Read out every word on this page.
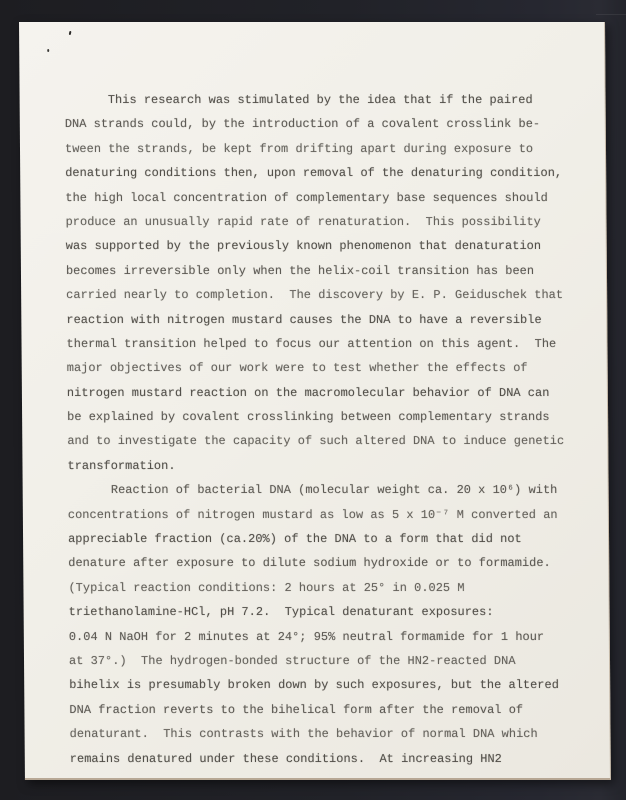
This research was stimulated by the idea that if the paired
DNA strands could, by the introduction of a covalent crosslink be-
tween the strands, be kept from drifting apart during exposure to
denaturing conditions then, upon removal of the denaturing condition,
the high local concentration of complementary base sequences should
produce an unusually rapid rate of renaturation.  This possibility
was supported by the previously known phenomenon that denaturation
becomes irreversible only when the helix-coil transition has been
carried nearly to completion.  The discovery by E. P. Geiduschek that
reaction with nitrogen mustard causes the DNA to have a reversible
thermal transition helped to focus our attention on this agent.  The
major objectives of our work were to test whether the effects of
nitrogen mustard reaction on the macromolecular behavior of DNA can
be explained by covalent crosslinking between complementary strands
and to investigate the capacity of such altered DNA to induce genetic
transformation.
Reaction of bacterial DNA (molecular weight ca. 20 x 10⁶) with
concentrations of nitrogen mustard as low as 5 x 10⁻⁷ M converted an
appreciable fraction (ca.20%) of the DNA to a form that did not
denature after exposure to dilute sodium hydroxide or to formamide.
(Typical reaction conditions: 2 hours at 25° in 0.025 M
triethanolamine-HCl, pH 7.2.  Typical denaturant exposures:
0.04 N NaOH for 2 minutes at 24°; 95% neutral formamide for 1 hour
at 37°.)  The hydrogen-bonded structure of the HN2-reacted DNA
bihelix is presumably broken down by such exposures, but the altered
DNA fraction reverts to the bihelical form after the removal of
denaturant.  This contrasts with the behavior of normal DNA which
remains denatured under these conditions.  At increasing HN2
